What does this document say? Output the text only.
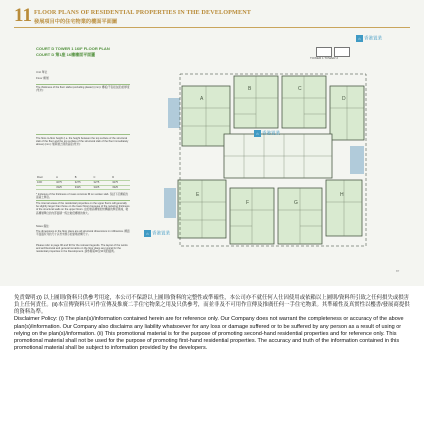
11 FLOOR PLANS OF RESIDENTIAL PROPERTIES IN THE DEVELOPMENT
發展項目中的住宅物業的樓面平面圖
COURT D TOWER 1 16/F FLOOR PLAN
COURT D 第1座 16樓樓面平面圖
Unit 單位
Floor 樓層
The thickness of the floor slabs (excluding plaster) (mm): 樓板(不包括灰泥)的厚度(毫米):
The floor-to-floor height (i.e. the height between the top surface of the structural slab of the floor and the top surface of the structural slab of the floor immediately above) (mm): 層與層之間的高度(毫米):
Floor	A	B	C	D
16/F	3275	3275	3275	3275
	3325	3325	3325	3325
* Inclusive of the thickness of mass concrete fill on sunken slab. 包括下沉樓板的混凝土厚度。
The internal areas of the residential properties on the upper floors will generally be slightly larger than those on the lower floors because of the reducing thickness of the structural walls on the upper floors. 由於較高樓層的結構牆的厚度遞減，較高樓層單位的內部面積一般比較低樓層的稍大。
Notes 備註:
The dimensions in the floor plans are all structural dimensions in millimetres. 樓面平面圖所列的尺寸以毫米標示的建築結構尺寸。
Please refer to page 90 and 93 for the relevant legends. The layout of the works and architectural and general remarks on the floor plans are typical for the residential properties in the Development. 請參閱第90及93頁的圖例。
TOWER 1 TOWER 2
A
B	C
D
E
F	G
H
⌂ 香港置業
⌂ 香港置業
⌂ 香港置業
87

免責聲明:(i) 以上圖則/資料只供參考用途，本公司不保證以上圖則/資料的完整性或準確性，本公司亦不就任何人仕因使用或依賴以上圖則/資料所引致之任何損失或損害負上任何責任。(ii)本宣傳資料只可作宣傳及推廣二手住宅物業之用及只供參考，而並非及不可用作宣傳及推廣任何一手住宅物業。其準確性及真實性以樓書/發展商提供的資料為準。

Disclaimer Policy: (i) The plan(s)/information contained herein are for reference only. Our Company does not warrant the completeness or accuracy of the above plan(s)/information. Our Company also disclaims any liability whatsoever for any loss or damage suffered or to be suffered by any person as a result of using or relying on the plan(s)/information. (ii) This promotional material is for the purpose of promoting second-hand residential properties and for reference only. This promotional material shall not be used for the purpose of promoting first-hand residential properties. The accuracy and truth of the information contained in this promotional material shall be subject to information provided by the developers.
